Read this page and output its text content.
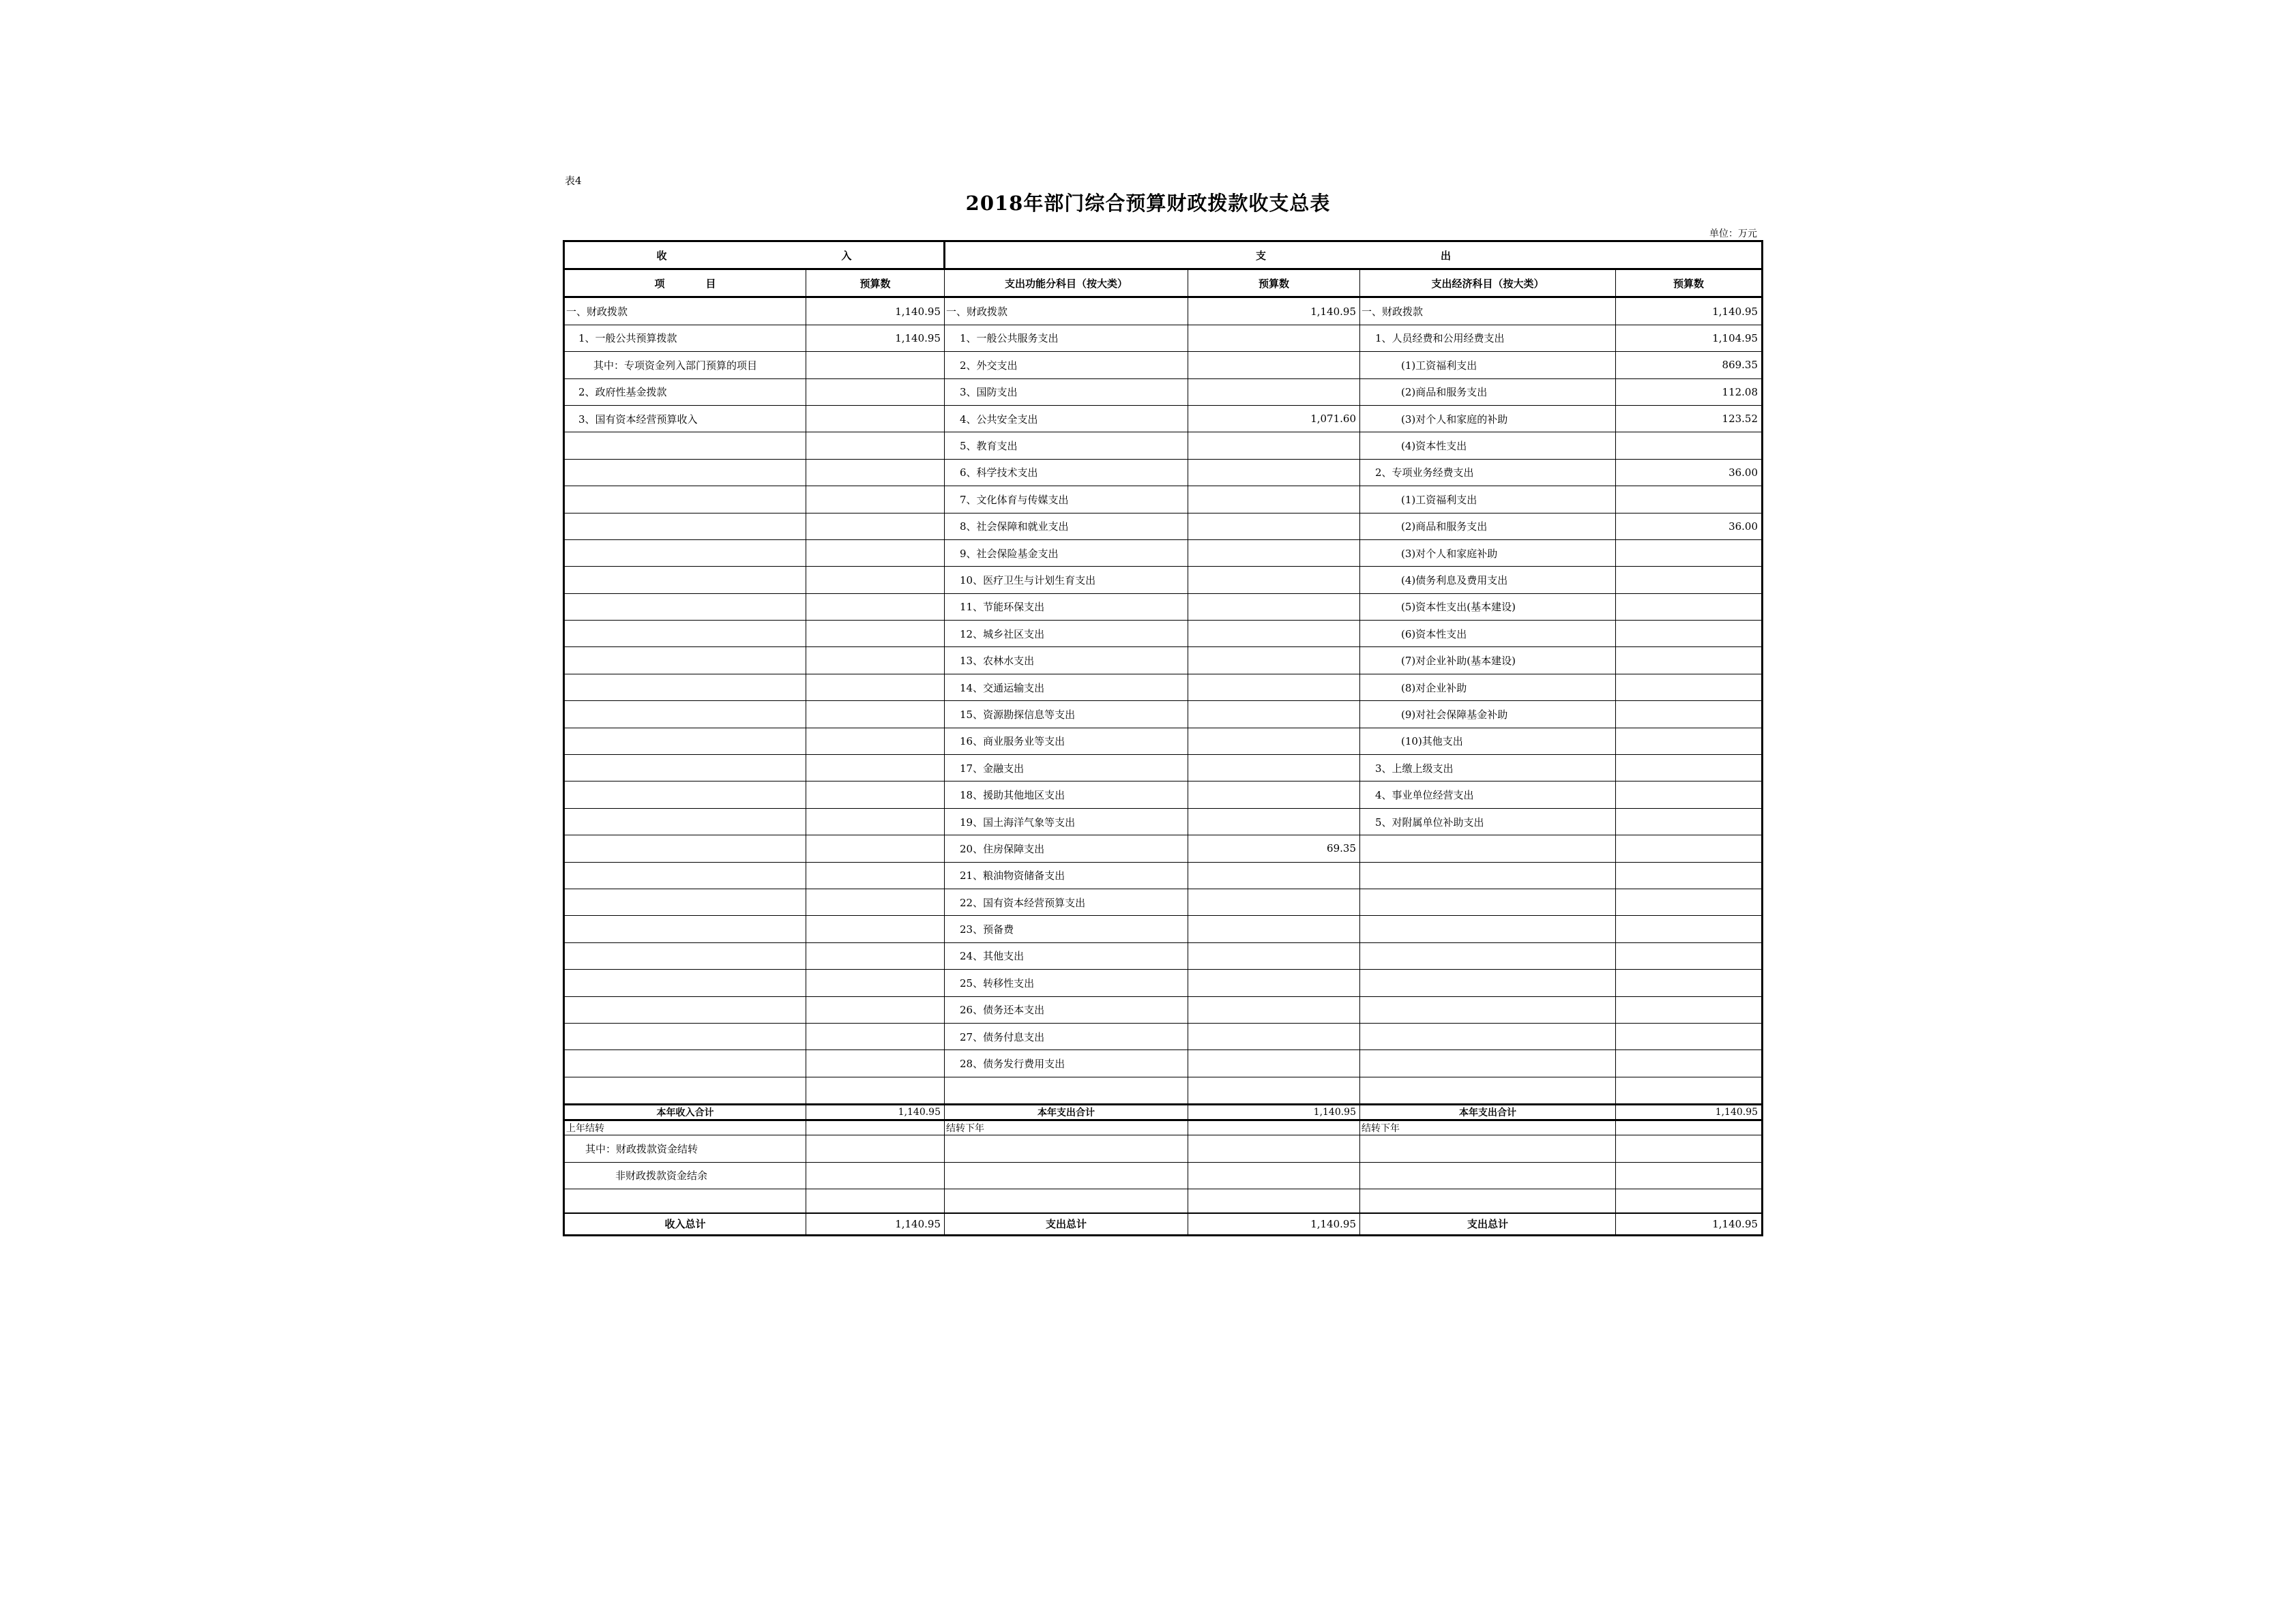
表4
2018年部门综合预算财政拨款收支总表
单位：万元
收 入		支 出			
项 目	预算数	支出功能分科目（按大类）	预算数	支出经济科目（按大类）	预算数
一、财政拨款	1,140.95	一、财政拨款	1,140.95	一、财政拨款	1,140.95
1、一般公共预算拨款	1,140.95	1、一般公共服务支出		1、人员经费和公用经费支出	1,104.95
其中：专项资金列入部门预算的项目		2、外交支出		(1)工资福利支出	869.35
2、政府性基金拨款		3、国防支出		(2)商品和服务支出	112.08
3、国有资本经营预算收入		4、公共安全支出	1,071.60	(3)对个人和家庭的补助	123.52
		5、教育支出		(4)资本性支出	
		6、科学技术支出		2、专项业务经费支出	36.00
		7、文化体育与传媒支出		(1)工资福利支出	
		8、社会保障和就业支出		(2)商品和服务支出	36.00
		9、社会保险基金支出		(3)对个人和家庭补助	
		10、医疗卫生与计划生育支出		(4)债务利息及费用支出	
		11、节能环保支出		(5)资本性支出(基本建设)	
		12、城乡社区支出		(6)资本性支出	
		13、农林水支出		(7)对企业补助(基本建设)	
		14、交通运输支出		(8)对企业补助	
		15、资源勘探信息等支出		(9)对社会保障基金补助	
		16、商业服务业等支出		(10)其他支出	
		17、金融支出		3、上缴上级支出	
		18、援助其他地区支出		4、事业单位经营支出	
		19、国土海洋气象等支出		5、对附属单位补助支出	
		20、住房保障支出	69.35		
		21、粮油物资储备支出			
		22、国有资本经营预算支出			
		23、预备费			
		24、其他支出			
		25、转移性支出			
		26、债务还本支出			
		27、债务付息支出			
		28、债务发行费用支出			

本年收入合计	1,140.95	本年支出合计	1,140.95	本年支出合计	1,140.95
上年结转		结转下年		结转下年	
其中：财政拨款资金结转					
非财政拨款资金结余					

收入总计	1,140.95	支出总计	1,140.95	支出总计	1,140.95
